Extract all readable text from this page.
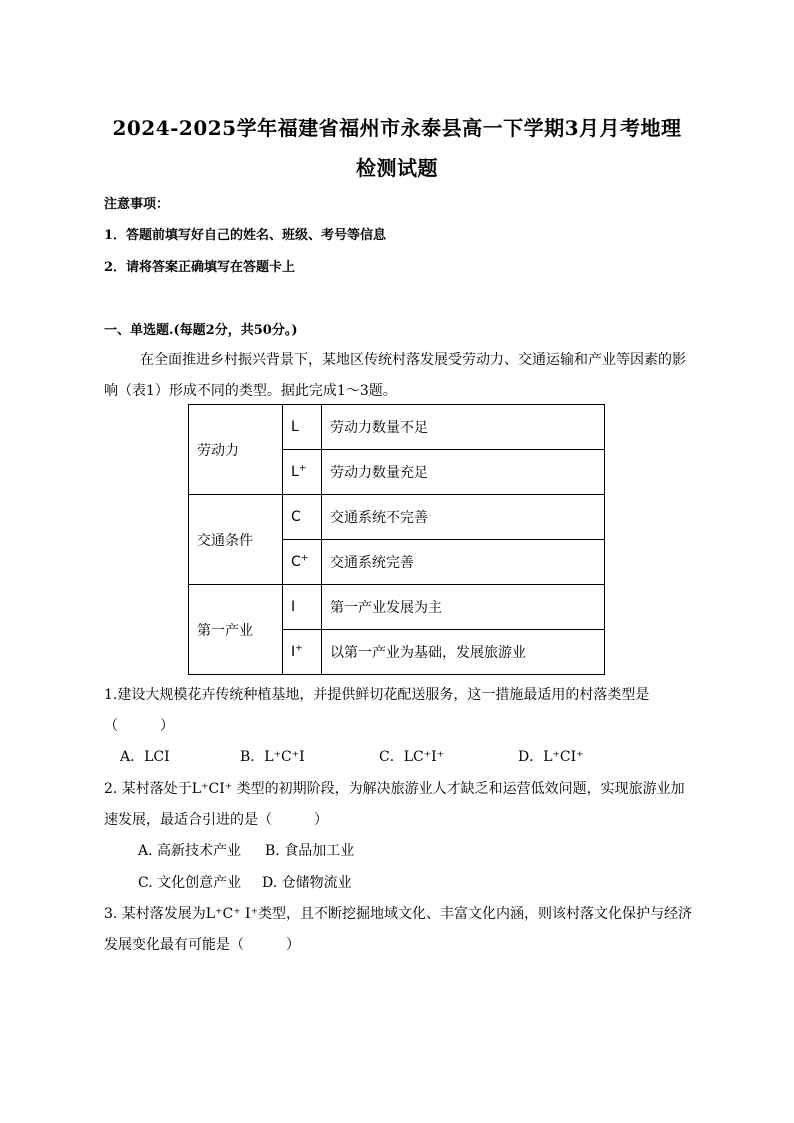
2024-2025学年福建省福州市永泰县高一下学期3月月考地理
检测试题
注意事项：
1．答题前填写好自己的姓名、班级、考号等信息
2．请将答案正确填写在答题卡上
一、单选题.(每题2分，共50分。)
在全面推进乡村振兴背景下，某地区传统村落发展受劳动力、交通运输和产业等因素的影
响（表1）形成不同的类型。据此完成1～3题。
劳动力	L	劳动力数量不足
	L+	劳动力数量充足
交通条件	C	交通系统不完善
	C+	交通系统完善
第一产业	I	第一产业发展为主
	I+	以第一产业为基础，发展旅游业
1.建设大规模花卉传统种植基地，并提供鲜切花配送服务，这一措施最适用的村落类型是
（　　　）
A．LCI	B．L⁺C⁺I	C．LC⁺I⁺	D．L⁺CI⁺
2. 某村落处于L⁺CI⁺ 类型的初期阶段，为解决旅游业人才缺乏和运营低效问题，实现旅游业加
速发展，最适合引进的是（　　　）
A. 高新技术产业 B. 食品加工业
C. 文化创意产业 D. 仓储物流业
3. 某村落发展为L⁺C⁺ I⁺类型，且不断挖掘地域文化、丰富文化内涵，则该村落文化保护与经济
发展变化最有可能是（　　　）
